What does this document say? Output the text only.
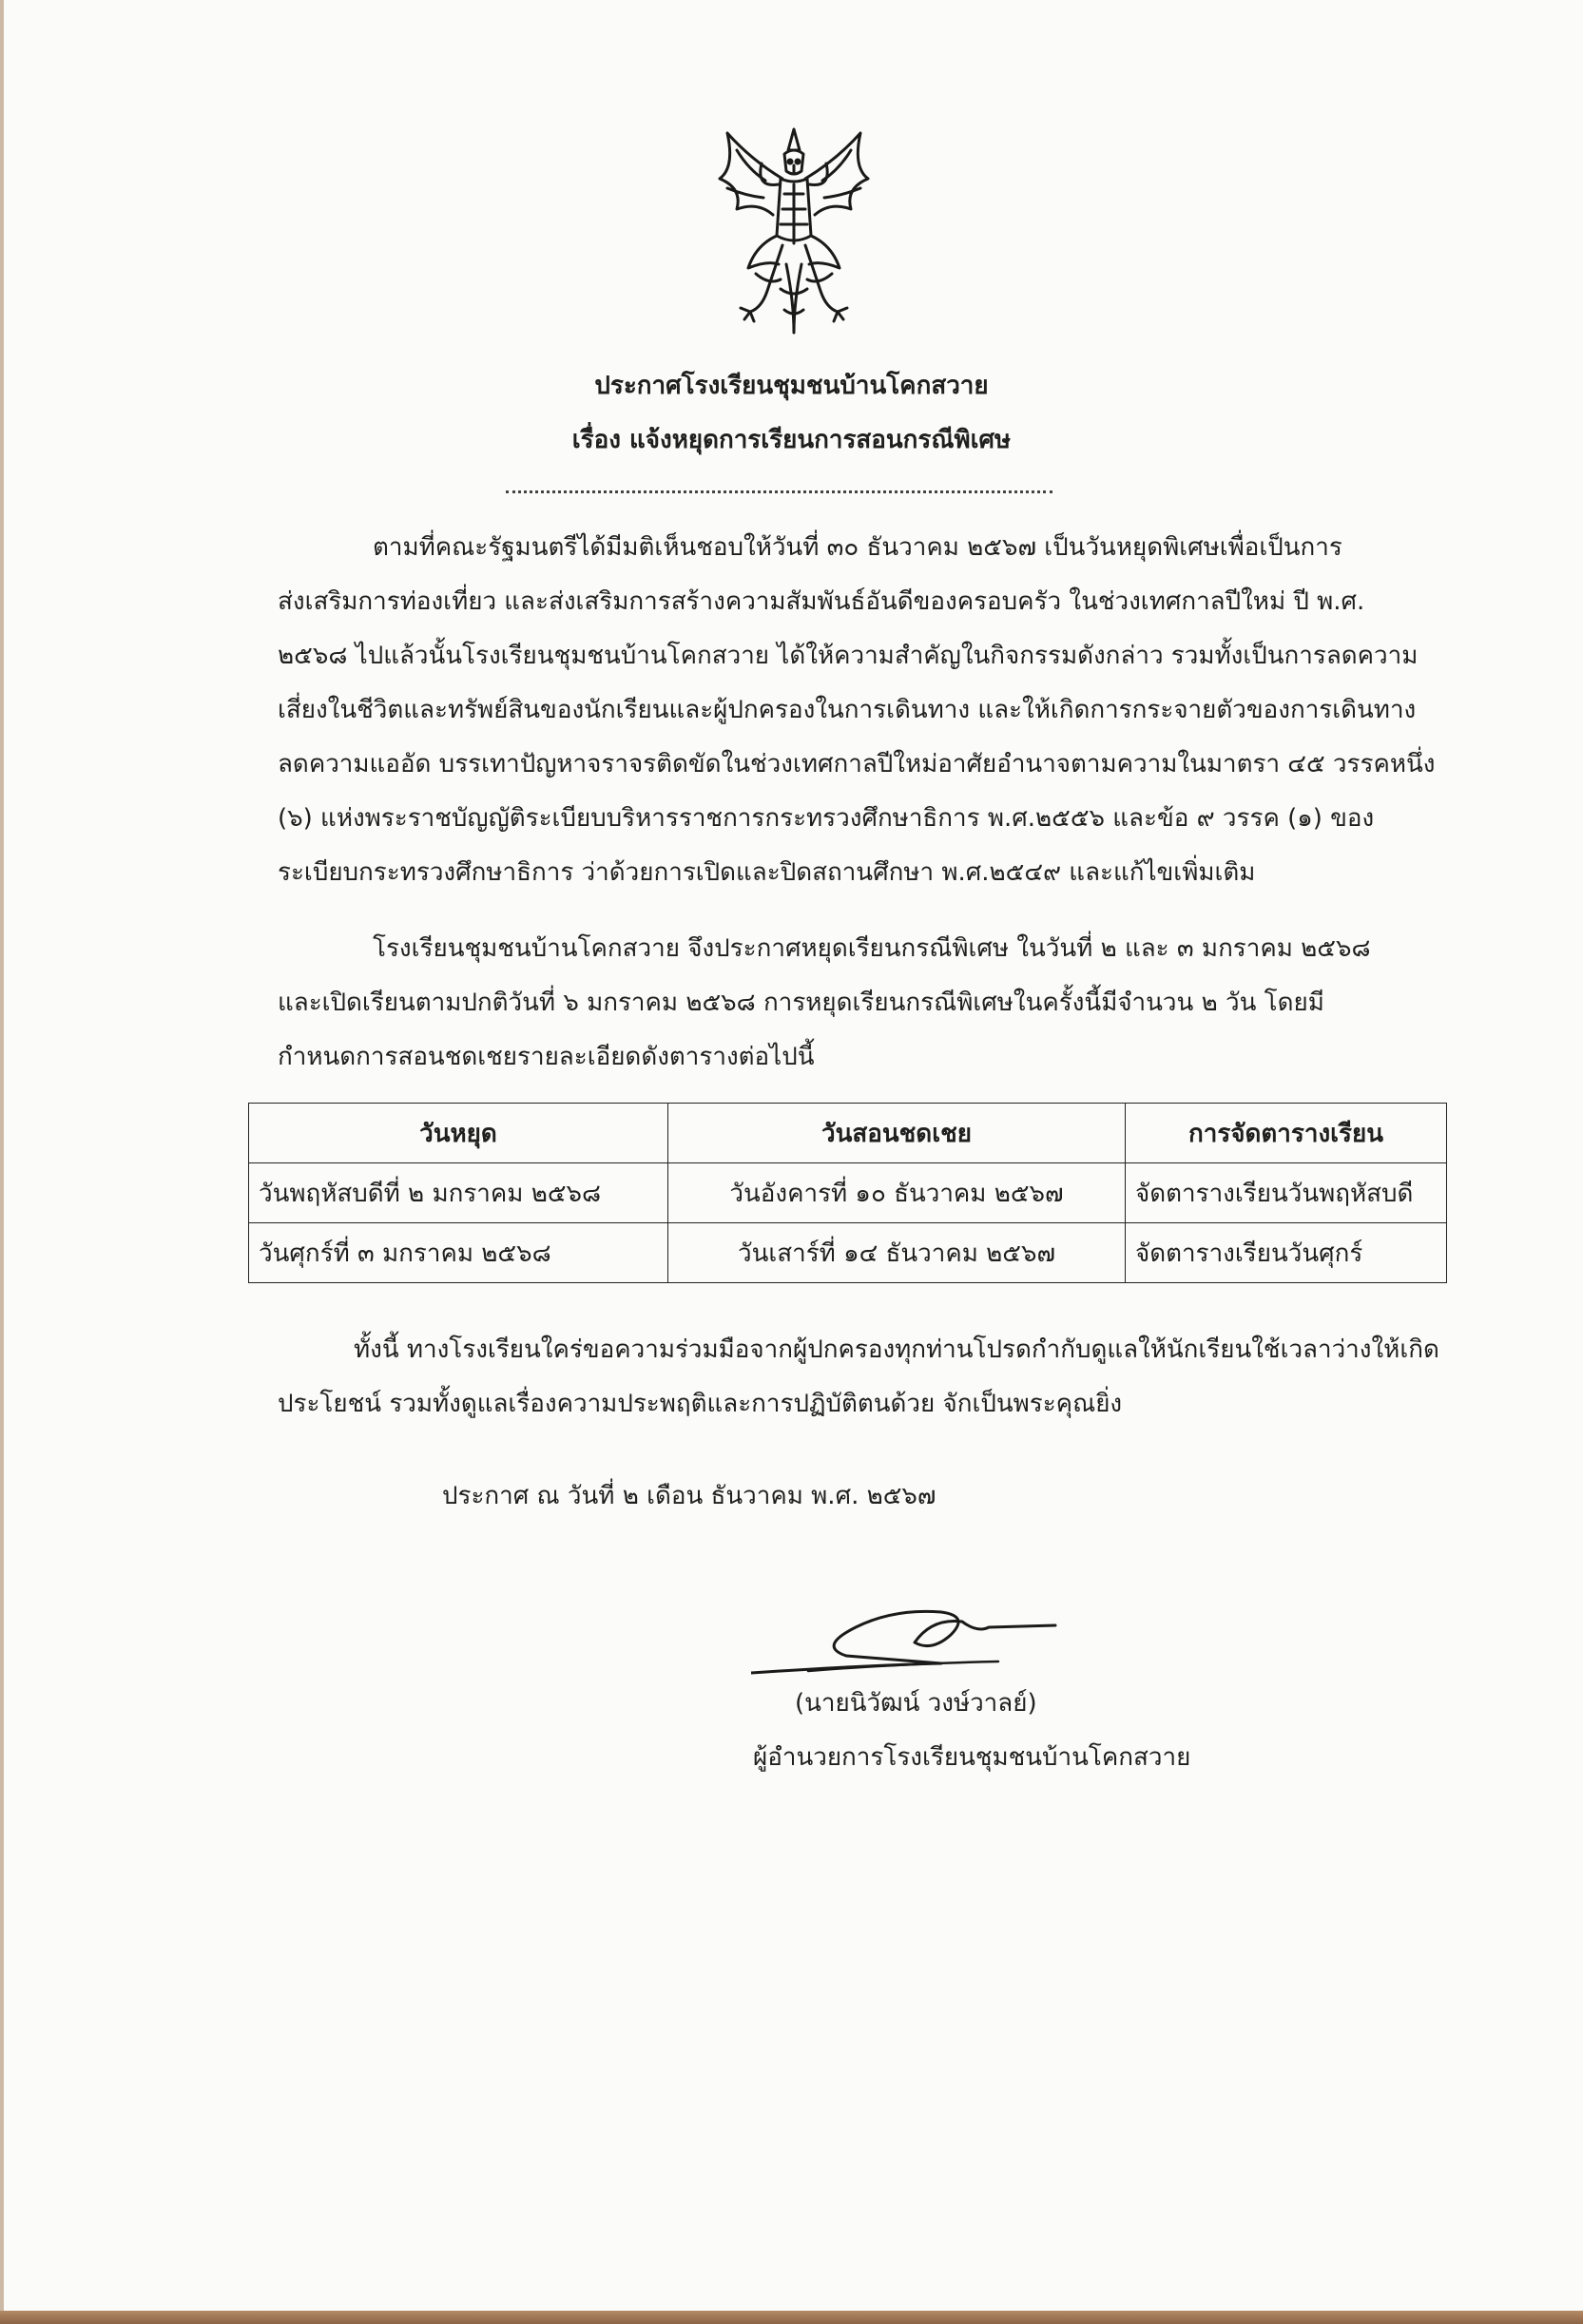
ประกาศโรงเรียนชุมชนบ้านโคกสวาย
เรื่อง แจ้งหยุดการเรียนการสอนกรณีพิเศษ
ตามที่คณะรัฐมนตรีได้มีมติเห็นชอบให้วันที่ ๓๐ ธันวาคม ๒๕๖๗ เป็นวันหยุดพิเศษเพื่อเป็นการ
ส่งเสริมการท่องเที่ยว และส่งเสริมการสร้างความสัมพันธ์อันดีของครอบครัว ในช่วงเทศกาลปีใหม่ ปี พ.ศ.
๒๕๖๘ ไปแล้วนั้นโรงเรียนชุมชนบ้านโคกสวาย ได้ให้ความสำคัญในกิจกรรมดังกล่าว รวมทั้งเป็นการลดความ
เสี่ยงในชีวิตและทรัพย์สินของนักเรียนและผู้ปกครองในการเดินทาง และให้เกิดการกระจายตัวของการเดินทาง
ลดความแออัด บรรเทาปัญหาจราจรติดขัดในช่วงเทศกาลปีใหม่อาศัยอำนาจตามความในมาตรา ๔๕ วรรคหนึ่ง
(๖) แห่งพระราชบัญญัติระเบียบบริหารราชการกระทรวงศึกษาธิการ พ.ศ.๒๕๕๖ และข้อ ๙ วรรค (๑) ของ
ระเบียบกระทรวงศึกษาธิการ ว่าด้วยการเปิดและปิดสถานศึกษา พ.ศ.๒๕๔๙ และแก้ไขเพิ่มเติม
โรงเรียนชุมชนบ้านโคกสวาย จึงประกาศหยุดเรียนกรณีพิเศษ ในวันที่ ๒ และ ๓ มกราคม ๒๕๖๘
และเปิดเรียนตามปกติวันที่ ๖ มกราคม ๒๕๖๘ การหยุดเรียนกรณีพิเศษในครั้งนี้มีจำนวน ๒ วัน โดยมี
กำหนดการสอนชดเชยรายละเอียดดังตารางต่อไปนี้
วันหยุด	วันสอนชดเชย	การจัดตารางเรียน
วันพฤหัสบดีที่ ๒ มกราคม ๒๕๖๘	วันอังคารที่ ๑๐ ธันวาคม ๒๕๖๗	จัดตารางเรียนวันพฤหัสบดี
วันศุกร์ที่ ๓ มกราคม ๒๕๖๘	วันเสาร์ที่ ๑๔ ธันวาคม ๒๕๖๗	จัดตารางเรียนวันศุกร์
ทั้งนี้ ทางโรงเรียนใคร่ขอความร่วมมือจากผู้ปกครองทุกท่านโปรดกำกับดูแลให้นักเรียนใช้เวลาว่างให้เกิด
ประโยชน์ รวมทั้งดูแลเรื่องความประพฤติและการปฏิบัติตนด้วย จักเป็นพระคุณยิ่ง
ประกาศ ณ วันที่ ๒ เดือน ธันวาคม พ.ศ. ๒๕๖๗
(นายนิวัฒน์ วงษ์วาลย์)
ผู้อำนวยการโรงเรียนชุมชนบ้านโคกสวาย
